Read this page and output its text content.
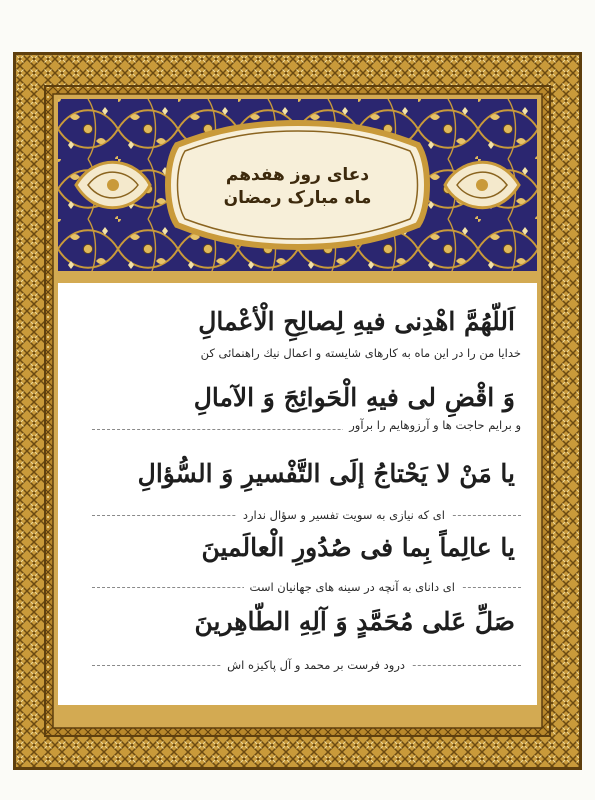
دعای روز هفدهم
ماه مبارک رمضان
اَللّهُمَّ اهْدِنى فيهِ لِصالِحِ الْأعْمالِ
خدایا من را در این ماه به کارهای شایسته و اعمال نیك راهنمائی کن
وَ اقْضِ لى فيهِ الْحَوائِجَ وَ الآمالِ
و برایم حاجت ها و آرزوهایم را برآور
يا مَنْ لا يَحْتاجُ إلَى التَّفْسيرِ وَ السُّؤالِ
ای که نیازی به سویت تفسیر و سؤال ندارد
يا عالِماً بِما فى صُدُورِ الْعالَمينَ
ای دانای به آنچه در سینه های جهانیان است
صَلِّ عَلى مُحَمَّدٍ وَ آلِهِ الطّاهِرينَ
درود فرست بر محمد و آل پاکیزه اش
